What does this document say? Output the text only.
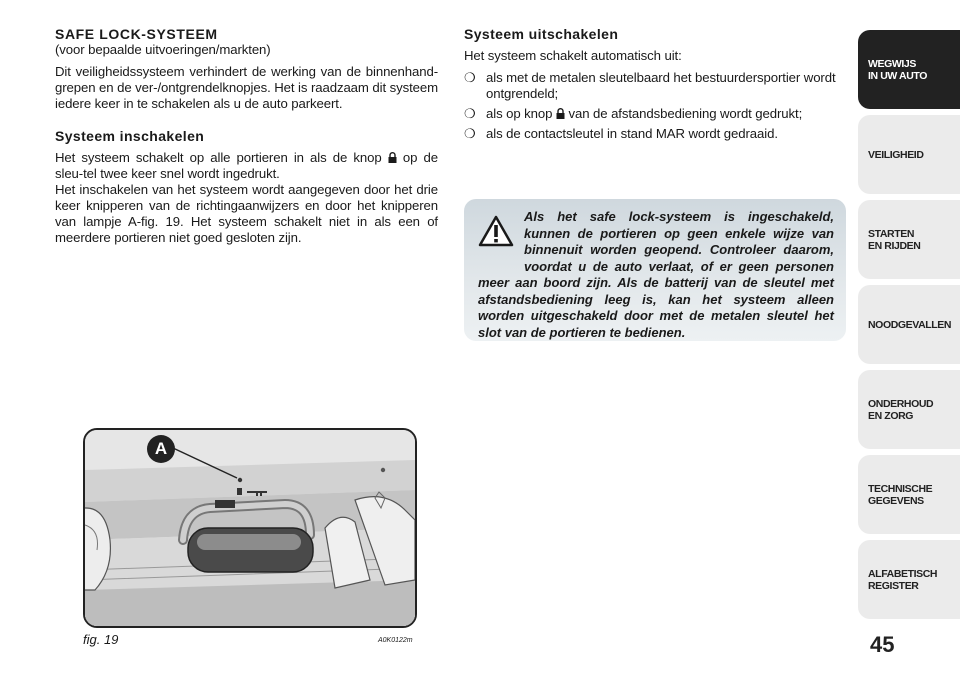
SAFE LOCK-SYSTEEM

(voor bepaalde uitvoeringen/markten)

Dit veiligheidssysteem verhindert de werking van de binnenhand-grepen en de ver-/ontgrendelknopjes. Het is raadzaam dit systeem iedere keer in te schakelen als u de auto parkeert.

Systeem inschakelen

Het systeem schakelt op alle portieren in als de knop op de sleu-tel twee keer snel wordt ingedrukt.

Het inschakelen van het systeem wordt aangegeven door het drie keer knipperen van de richtingaanwijzers en door het knipperen van lampje A-fig. 19. Het systeem schakelt niet in als een of meerdere portieren niet goed gesloten zijn.

Systeem uitschakelen

Het systeem schakelt automatisch uit:

❍ als met de metalen sleutelbaard het bestuurdersportier wordt ontgrendeld;
❍ als op knop van de afstandsbediening wordt gedrukt;
❍ als de contactsleutel in stand MAR wordt gedraaid.
Als het safe lock-systeem is ingeschakeld, kunnen de portieren op geen enkele wijze van binnenuit worden geopend. Controleer daarom, voordat u de auto verlaat, of er geen personen meer aan boord zijn. Als de batterij van de sleutel met afstandsbediening leeg is, kan het systeem alleen worden uitgeschakeld door met de metalen sleutel het slot van de portieren te bedienen.
A
fig. 19	A0K0122m	45
WEGWIJS
IN UW AUTO
VEILIGHEID
STARTEN
EN RIJDEN
NOODGEVALLEN
ONDERHOUD
EN ZORG
TECHNISCHE
GEGEVENS
ALFABETISCH
REGISTER
